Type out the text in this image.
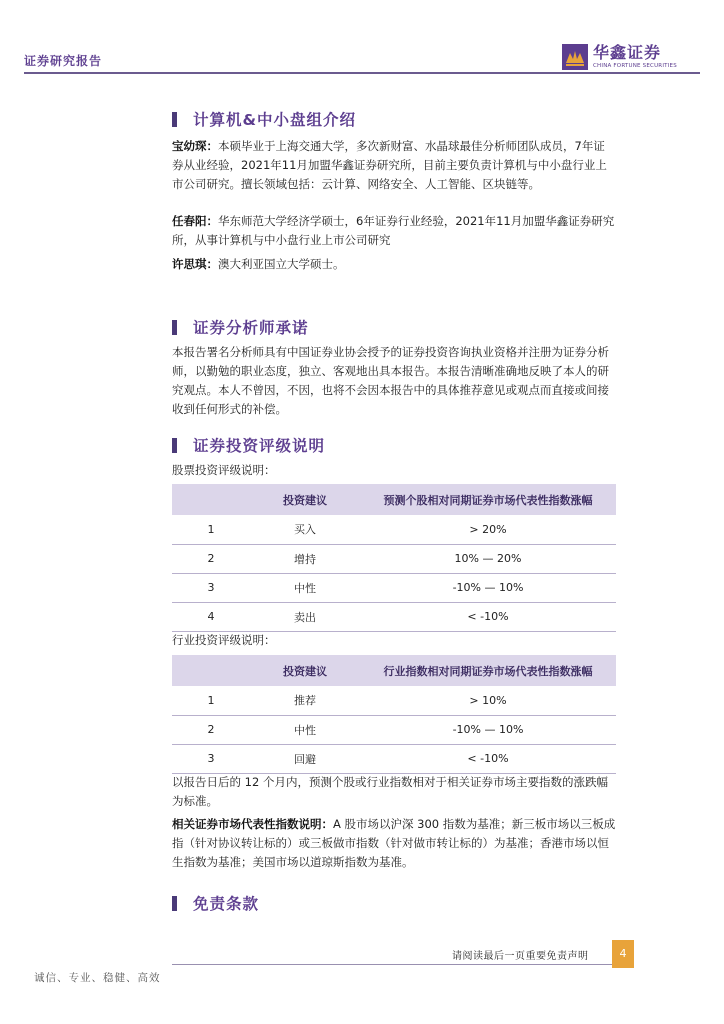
证券研究报告	华鑫证券
CHINA FORTUNE SECURITIES
计算机&中小盘组介绍
宝幼琛：本硕毕业于上海交通大学，多次新财富、水晶球最佳分析师团队成员，7年证券从业经验，2021年11月加盟华鑫证券研究所，目前主要负责计算机与中小盘行业上市公司研究。擅长领域包括：云计算、网络安全、人工智能、区块链等。
任春阳：华东师范大学经济学硕士，6年证券行业经验，2021年11月加盟华鑫证券研究所，从事计算机与中小盘行业上市公司研究
许思琪：澳大利亚国立大学硕士。
证券分析师承诺
本报告署名分析师具有中国证券业协会授予的证券投资咨询执业资格并注册为证券分析师，以勤勉的职业态度，独立、客观地出具本报告。本报告清晰准确地反映了本人的研究观点。本人不曾因，不因，也将不会因本报告中的具体推荐意见或观点而直接或间接收到任何形式的补偿。
证券投资评级说明
股票投资评级说明：
	投资建议	预测个股相对同期证券市场代表性指数涨幅
1	买入	> 20%
2	增持	10% — 20%
3	中性	-10% — 10%
4	卖出	< -10%
行业投资评级说明：
	投资建议	行业指数相对同期证券市场代表性指数涨幅
1	推荐	> 10%
2	中性	-10% — 10%
3	回避	< -10%
以报告日后的 12 个月内，预测个股或行业指数相对于相关证券市场主要指数的涨跌幅为标准。
相关证券市场代表性指数说明：A 股市场以沪深 300 指数为基准；新三板市场以三板成指（针对协议转让标的）或三板做市指数（针对做市转让标的）为基准；香港市场以恒生指数为基准；美国市场以道琼斯指数为基准。
免责条款
请阅读最后一页重要免责声明	4
诚信、专业、稳健、高效
